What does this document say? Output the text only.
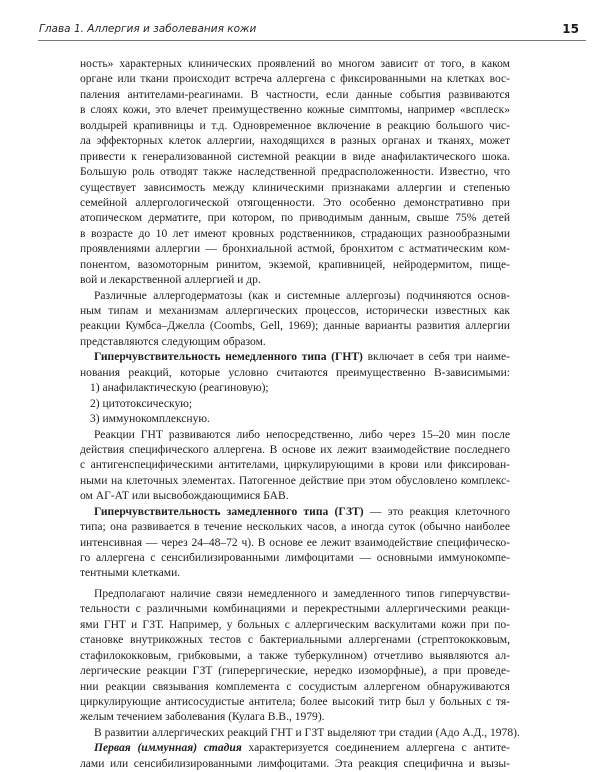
Глава 1. Аллергия и заболевания кожи	15
ность» характерных клинических проявлений во многом зависит от того, в каком
органе или ткани происходит встреча аллергена с фиксированными на клетках вос-
паления антителами-реагинами. В частности, если данные события развиваются
в слоях кожи, это влечет преимущественно кожные симптомы, например «всплеск»
волдырей крапивницы и т.д. Одновременное включение в реакцию большого чис-
ла эффекторных клеток аллергии, находящихся в разных органах и тканях, может
привести к генерализованной системной реакции в виде анафилактического шока.
Большую роль отводят также наследственной предрасположенности. Известно, что
существует зависимость между клиническими признаками аллергии и степенью
семейной аллергологической отягощенности. Это особенно демонстративно при
атопическом дерматите, при котором, по приводимым данным, свыше 75% детей
в возрасте до 10 лет имеют кровных родственников, страдающих разнообразными
проявлениями аллергии — бронхиальной астмой, бронхитом с астматическим ком-
понентом, вазомоторным ринитом, экземой, крапивницей, нейродермитом, пище-
вой и лекарственной аллергией и др.
Различные аллергодерматозы (как и системные аллергозы) подчиняются основ-
ным типам и механизмам аллергических процессов, исторически известных как
реакции Кумбса–Джелла (Coombs, Gell, 1969); данные варианты развития аллергии
представляются следующим образом.
Гиперчувствительность немедленного типа (ГНТ) включает в себя три наиме-
нования реакций, которые условно считаются преимущественно В-зависимыми:
1) анафилактическую (реагиновую);
2) цитотоксическую;
3) иммунокомплексную.
Реакции ГНТ развиваются либо непосредственно, либо через 15–20 мин после
действия специфического аллергена. В основе их лежит взаимодействие последнего
с антигенспецифическими антителами, циркулирующими в крови или фиксирован-
ными на клеточных элементах. Патогенное действие при этом обусловлено комплекс-
ом АГ-АТ или высвобождающимися БАВ.
Гиперчувствительность замедленного типа (ГЗТ) — это реакция клеточного
типа; она развивается в течение нескольких часов, а иногда суток (обычно наиболее
интенсивная — через 24–48–72 ч). В основе ее лежит взаимодействие специфическо-
го аллергена с сенсибилизированными лимфоцитами — основными иммунокомпе-
тентными клетками.
Предполагают наличие связи немедленного и замедленного типов гиперчувстви-
тельности с различными комбинациями и перекрестными аллергическими реакци-
ями ГНТ и ГЗТ. Например, у больных с аллергическим васкулитами кожи при по-
становке внутрикожных тестов с бактериальными аллергенами (стрептококковым,
стафилококковым, грибковыми, а также туберкулином) отчетливо выявляются ал-
лергические реакции ГЗТ (гиперергические, нередко изоморфные), а при проведе-
нии реакции связывания комплемента с сосудистым аллергеном обнаруживаются
циркулирующие антисосудистые антитела; более высокий титр был у больных с тя-
желым течением заболевания (Кулага В.В., 1979).
В развитии аллергических реакций ГНТ и ГЗТ выделяют три стадии (Адо А.Д., 1978).
Первая (иммунная) стадия характеризуется соединением аллергена с антите-
лами или сенсибилизированными лимфоцитами. Эта реакция специфична и вызы-
